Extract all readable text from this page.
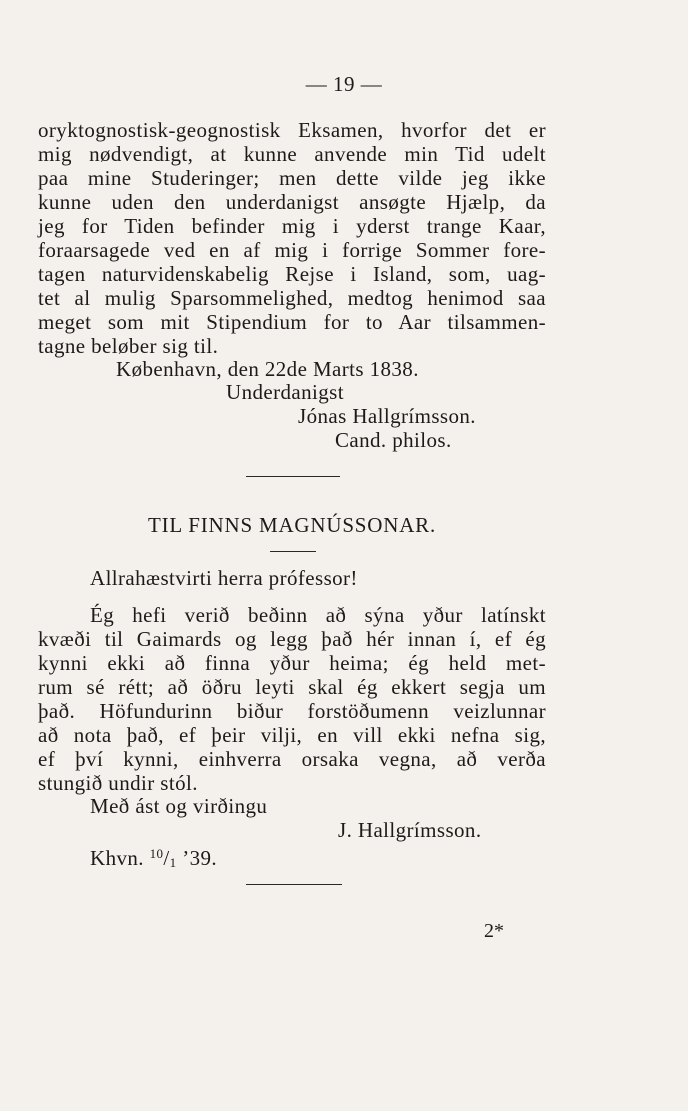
— 19 —
oryktognostisk-geognostisk Eksamen, hvorfor det er
mig nødvendigt, at kunne anvende min Tid udelt
paa mine Studeringer; men dette vilde jeg ikke
kunne uden den underdanigst ansøgte Hjælp, da
jeg for Tiden befinder mig i yderst trange Kaar,
foraarsagede ved en af mig i forrige Sommer fore-
tagen naturvidenskabelig Rejse i Island, som, uag-
tet al mulig Sparsommelighed, medtog henimod saa
meget som mit Stipendium for to Aar tilsammen-
tagne beløber sig til.
København, den 22de Marts 1838.
Underdanigst
Jónas Hallgrímsson.
Cand. philos.
TIL FINNS MAGNÚSSONAR.
Allrahæstvirti herra prófessor!
Ég hefi verið beðinn að sýna yður latínskt
kvæði til Gaimards og legg það hér innan í, ef ég
kynni ekki að finna yður heima; ég held met-
rum sé rétt; að öðru leyti skal ég ekkert segja um
það. Höfundurinn biður forstöðumenn veizlunnar
að nota það, ef þeir vilji, en vill ekki nefna sig,
ef því kynni, einhverra orsaka vegna, að verða
stungið undir stól.
Með ást og virðingu
J. Hallgrímsson.
Khvn. $^{10}/_1$ ’39.
2*
